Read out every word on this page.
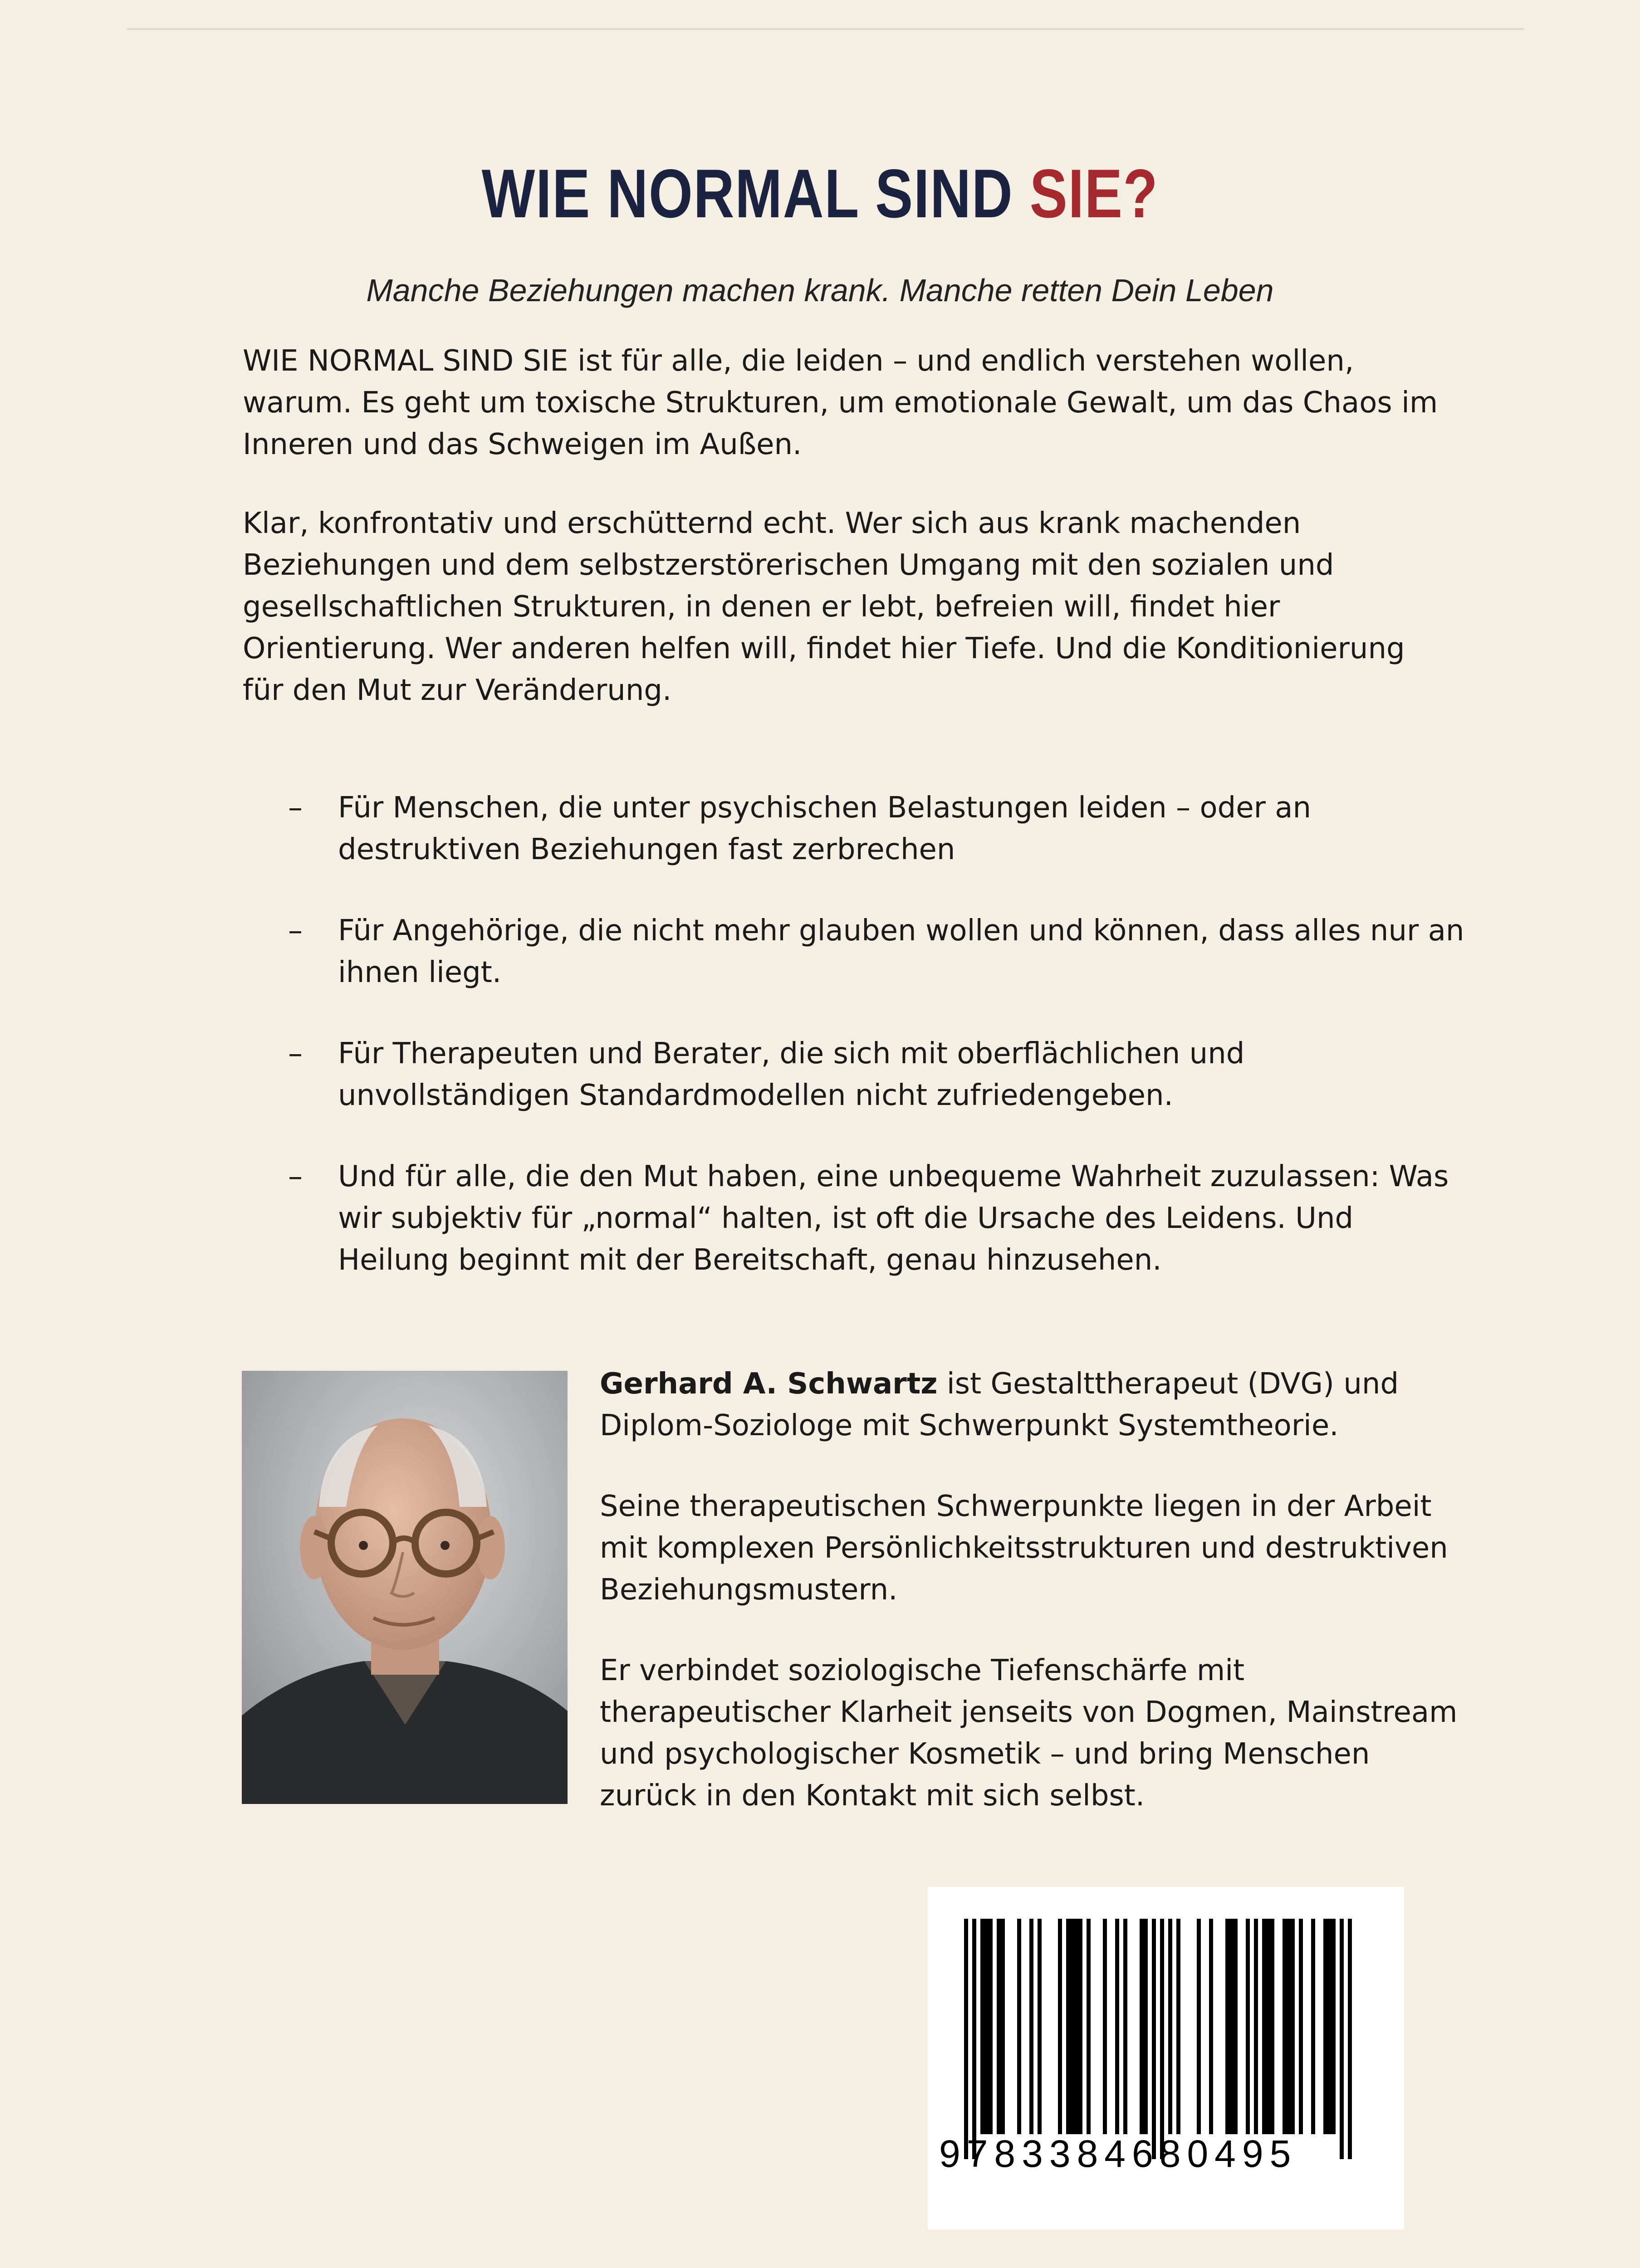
WIE NORMAL SIND SIE?
Manche Beziehungen machen krank. Manche retten Dein Leben

WIE NORMAL SIND SIE ist für alle, die leiden – und endlich verstehen wollen, warum. Es geht um toxische Strukturen, um emotionale Gewalt, um das Chaos im Inneren und das Schweigen im Außen.

Klar, konfrontativ und erschütternd echt. Wer sich aus krank machenden Beziehungen und dem selbstzerstörerischen Umgang mit den sozialen und gesellschaftlichen Strukturen, in denen er lebt, befreien will, findet hier Orientierung. Wer anderen helfen will, findet hier Tiefe. Und die Konditionierung für den Mut zur Veränderung.

– Für Menschen, die unter psychischen Belastungen leiden – oder an destruktiven Beziehungen fast zerbrechen
– Für Angehörige, die nicht mehr glauben wollen und können, dass alles nur an ihnen liegt.
– Für Therapeuten und Berater, die sich mit oberflächlichen und unvollständigen Standardmodellen nicht zufriedengeben.
– Und für alle, die den Mut haben, eine unbequeme Wahrheit zuzulassen: Was wir subjektiv für „normal“ halten, ist oft die Ursache des Leidens. Und Heilung beginnt mit der Bereitschaft, genau hinzusehen.

Gerhard A. Schwartz ist Gestalttherapeut (DVG) und Diplom-Soziologe mit Schwerpunkt Systemtheorie.

Seine therapeutischen Schwerpunkte liegen in der Arbeit mit komplexen Persönlichkeitsstrukturen und destruktiven Beziehungsmustern.

Er verbindet soziologische Tiefenschärfe mit therapeutischer Klarheit jenseits von Dogmen, Mainstream und psychologischer Kosmetik – und bring Menschen zurück in den Kontakt mit sich selbst.

9783384680495
